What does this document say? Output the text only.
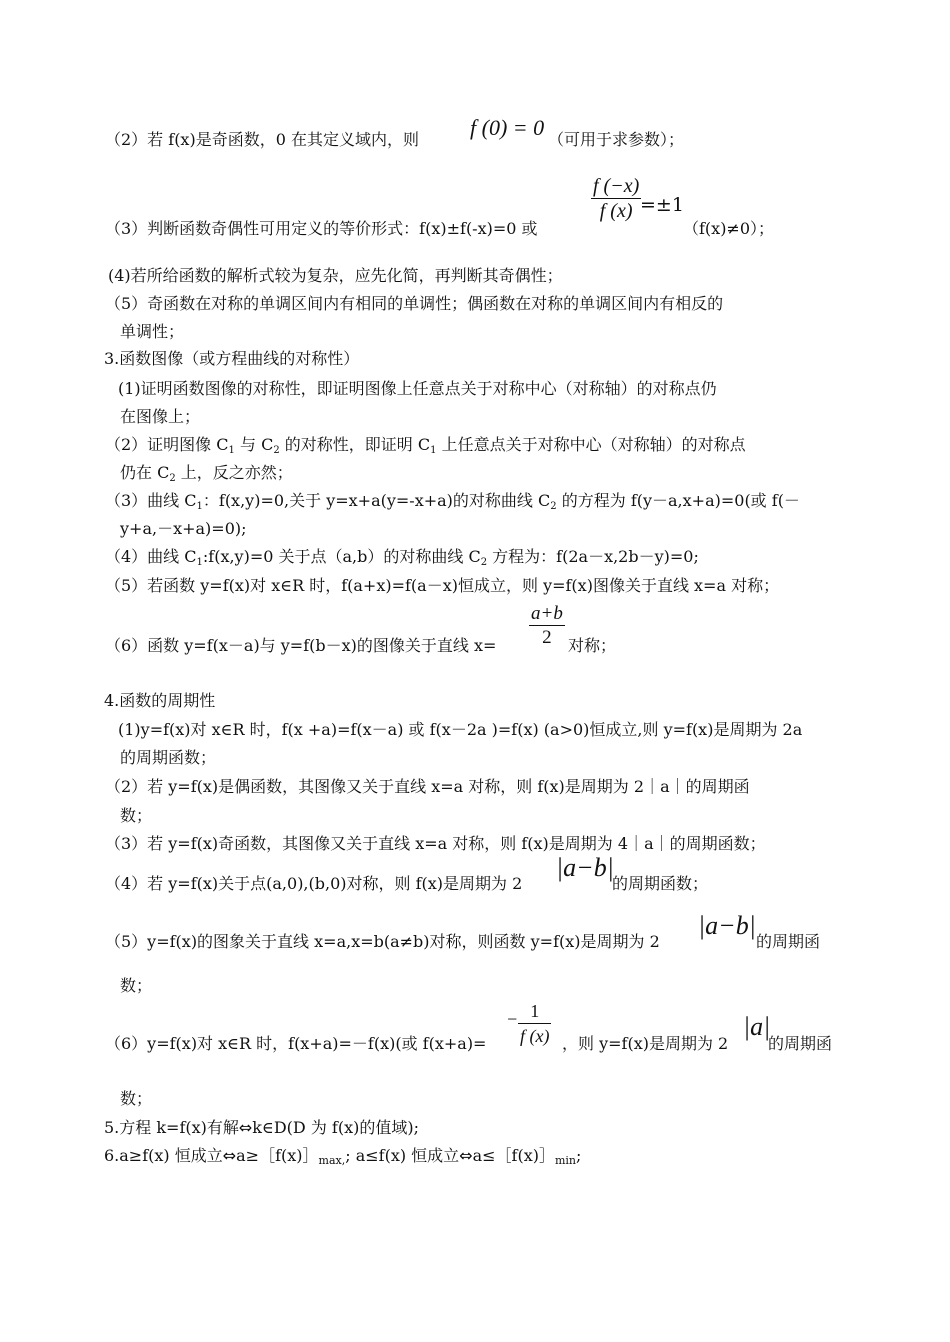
（2）若 f(x)是奇函数，0 在其定义域内，则 f (0) = 0 （可用于求参数）；
（3）判断函数奇偶性可用定义的等价形式：f(x)±f(-x)=0 或
$\frac{f (-x)}{f (x)}$
=±1
（f(x)≠0）；
(4)若所给函数的解析式较为复杂，应先化简，再判断其奇偶性；
（5）奇函数在对称的单调区间内有相同的单调性；偶函数在对称的单调区间内有相反的
单调性；
3.函数图像（或方程曲线的对称性）
(1)证明函数图像的对称性，即证明图像上任意点关于对称中心（对称轴）的对称点仍
在图像上；
（2）证明图像 $C_1$ 与 $C_2$ 的对称性，即证明 $C_1$ 上任意点关于对称中心（对称轴）的对称点
仍在 $C_2$ 上，反之亦然；
（3）曲线 $C_1$：f(x,y)=0,关于 y=x+a(y=-x+a)的对称曲线 $C_2$ 的方程为 f(y－a,x+a)=0(或 f(－
y+a,－x+a)=0);
（4）曲线 $C_1:f(x,y)=0$ 关于点（a,b）的对称曲线 $C_2$ 方程为：f(2a－x,2b－y)=0;
（5）若函数 y=f(x)对 x∈R 时，f(a+x)=f(a－x)恒成立，则 y=f(x)图像关于直线 x=a 对称；
（6）函数 y=f(x－a)与 y=f(b－x)的图像关于直线 $x= \frac{a+b}{2}$ 对称；
4.函数的周期性
(1)y=f(x)对 x∈R 时，f(x +a)=f(x－a) 或 f(x－2a )=f(x) (a>0)恒成立,则 y=f(x)是周期为 2a
的周期函数；
（2）若 y=f(x)是偶函数，其图像又关于直线 x=a 对称，则 f(x)是周期为 2｜a｜的周期函
数；
（3）若 y=f(x)奇函数，其图像又关于直线 x=a 对称，则 f(x)是周期为 4｜a｜的周期函数；
（4）若 y=f(x)关于点(a,0),(b,0)对称，则 f(x)是周期为 2
|a−b|
的周期函数；
（5）y=f(x)的图象关于直线 x=a,x=b(a≠b)对称，则函数 y=f(x)是周期为 2
|a−b|
的周期函
数；
（6）y=f(x)对 x∈R 时，f(x+a)=－f(x)(或 f(x+a)=
− $\frac{1}{f (x)}$ ，则 y=f(x)是周期为 2
|a|
的周期函
数；
5.方程 k=f(x)有解⇔k∈D(D 为 f(x)的值域);
6.a≥f(x) 恒成立⇔a≥［f(x)］max,; a≤f(x) 恒成立⇔a≤［f(x)］min;
